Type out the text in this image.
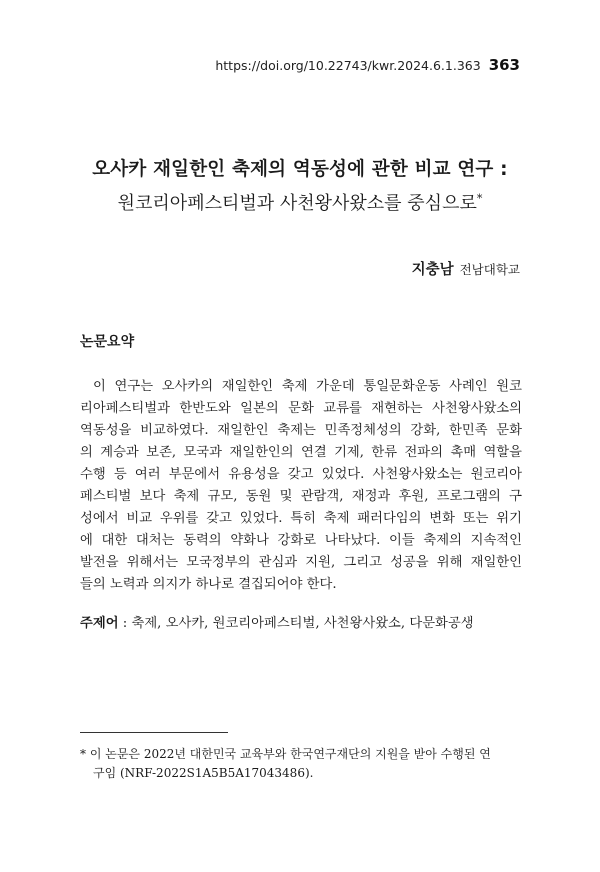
https://doi.org/10.22743/kwr.2024.6.1.363 363
오사카 재일한인 축제의 역동성에 관한 비교 연구 :
원코리아페스티벌과 사천왕사왔소를 중심으로*
지충남 전남대학교
논문요약
이 연구는 오사카의 재일한인 축제 가운데 통일문화운동 사례인 원코
리아페스티벌과 한반도와 일본의 문화 교류를 재현하는 사천왕사왔소의
역동성을 비교하였다. 재일한인 축제는 민족정체성의 강화, 한민족 문화
의 계승과 보존, 모국과 재일한인의 연결 기제, 한류 전파의 촉매 역할을
수행 등 여러 부문에서 유용성을 갖고 있었다. 사천왕사왔소는 원코리아
페스티벌 보다 축제 규모, 동원 및 관람객, 재정과 후원, 프로그램의 구
성에서 비교 우위를 갖고 있었다. 특히 축제 패러다임의 변화 또는 위기
에 대한 대처는 동력의 약화나 강화로 나타났다. 이들 축제의 지속적인
발전을 위해서는 모국정부의 관심과 지원, 그리고 성공을 위해 재일한인
들의 노력과 의지가 하나로 결집되어야 한다.
주제어 : 축제, 오사카, 원코리아페스티벌, 사천왕사왔소, 다문화공생
* 이 논문은 2022년 대한민국 교육부와 한국연구재단의 지원을 받아 수행된 연
구임 (NRF-2022S1A5B5A17043486).
